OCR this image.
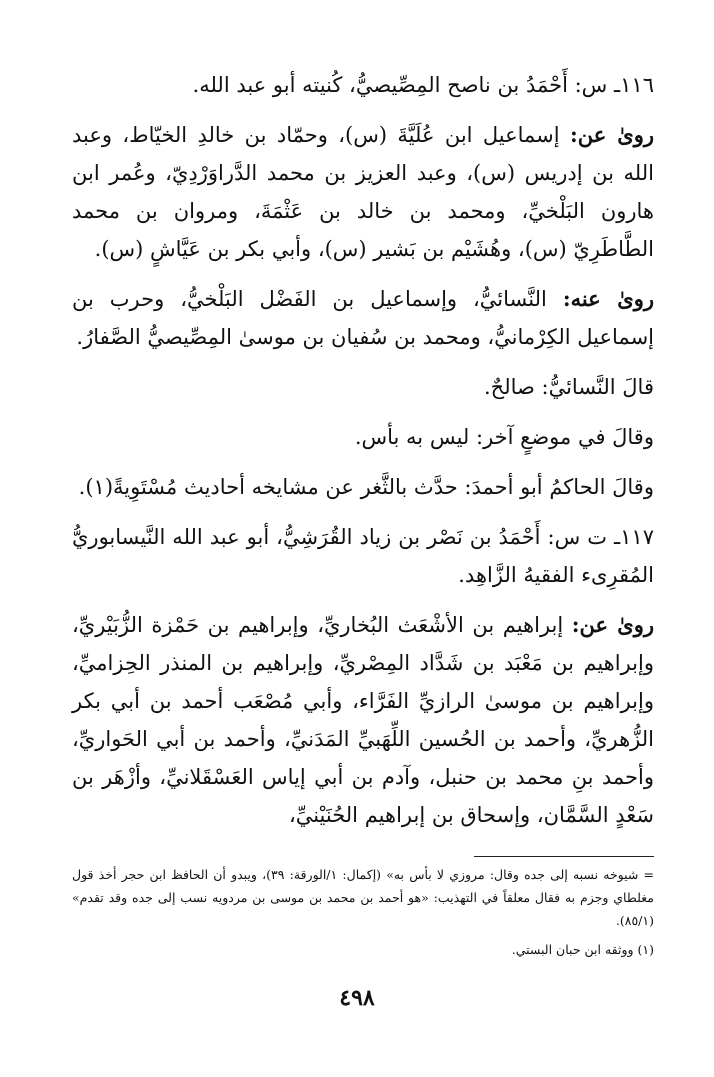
١١٦ـ س: أَحْمَدُ بن ناصح المِصِّيصيُّ، كُنيته أبو عبد الله.

روىٰ عن: إسماعيل ابن عُلَيَّةَ (س)، وحمّاد بن خالدِ الخيّاط، وعبد الله بن إدريس (س)، وعبد العزيز بن محمد الدَّراوَرْدِيّ، وعُمر ابن هارون البَلْخيِّ، ومحمد بن خالد بن عَثْمَةَ، ومروان بن محمد الطَّاطَرِيّ (س)، وهُشَيْم بن بَشير (س)، وأبي بكر بن عَيَّاشٍ (س).

روىٰ عنه: النَّسائيُّ، وإسماعيل بن الفَضْل البَلْخيُّ، وحرب بن إسماعيل الكِرْمانيُّ، ومحمد بن سُفيان بن موسىٰ المِصِّيصيُّ الصَّفارُ.

قالَ النَّسائيُّ: صالحٌ.

وقالَ في موضعٍ آخر: ليس به بأس.

وقالَ الحاكمُ أبو أحمدَ: حدَّث بالثَّغر عن مشايخه أحاديث مُسْتَوِيةً(١).

١١٧ـ ت س: أَحْمَدُ بن نَصْر بن زياد القُرَشِيُّ، أبو عبد الله النَّيسابوريُّ المُقرِىء الفقيهُ الزَّاهِد.

روىٰ عن: إبراهيم بن الأشْعَث البُخاريِّ، وإبراهيم بن حَمْزة الزُّبَيْريِّ، وإبراهيم بن مَعْبَد بن شَدَّاد المِصْريِّ، وإبراهيم بن المنذر الحِزاميِّ، وإبراهيم بن موسىٰ الرازيِّ الفَرَّاء، وأبي مُصْعَب أحمد بن أبي بكر الزُّهريِّ، وأحمد بن الحُسين اللِّهَبيِّ المَدَنيِّ، وأحمد بن أبي الحَواريِّ، وأحمد بنِ محمد بن حنبل، وآدم بن أبي إياس العَسْقَلانيِّ، وأزْهَر بن سَعْدٍ السَّمَّان، وإسحاق بن إبراهيم الحُنَيْنيِّ،

= شيوخه نسبه إلى جده وقال: مروزي لا بأس به» (إكمال: ١/الورقة: ٣٩)، ويبدو أن الحافظ ابن حجر أخذ قول مغلطاي وجزم به فقال معلقاً في التهذيب: «هو أحمد بن محمد بن موسى بن مردويه نسب إلى جده وقد تقدم» (٨٥/١).

(١) ووثقه ابن حبان البستي.

٤٩٨
